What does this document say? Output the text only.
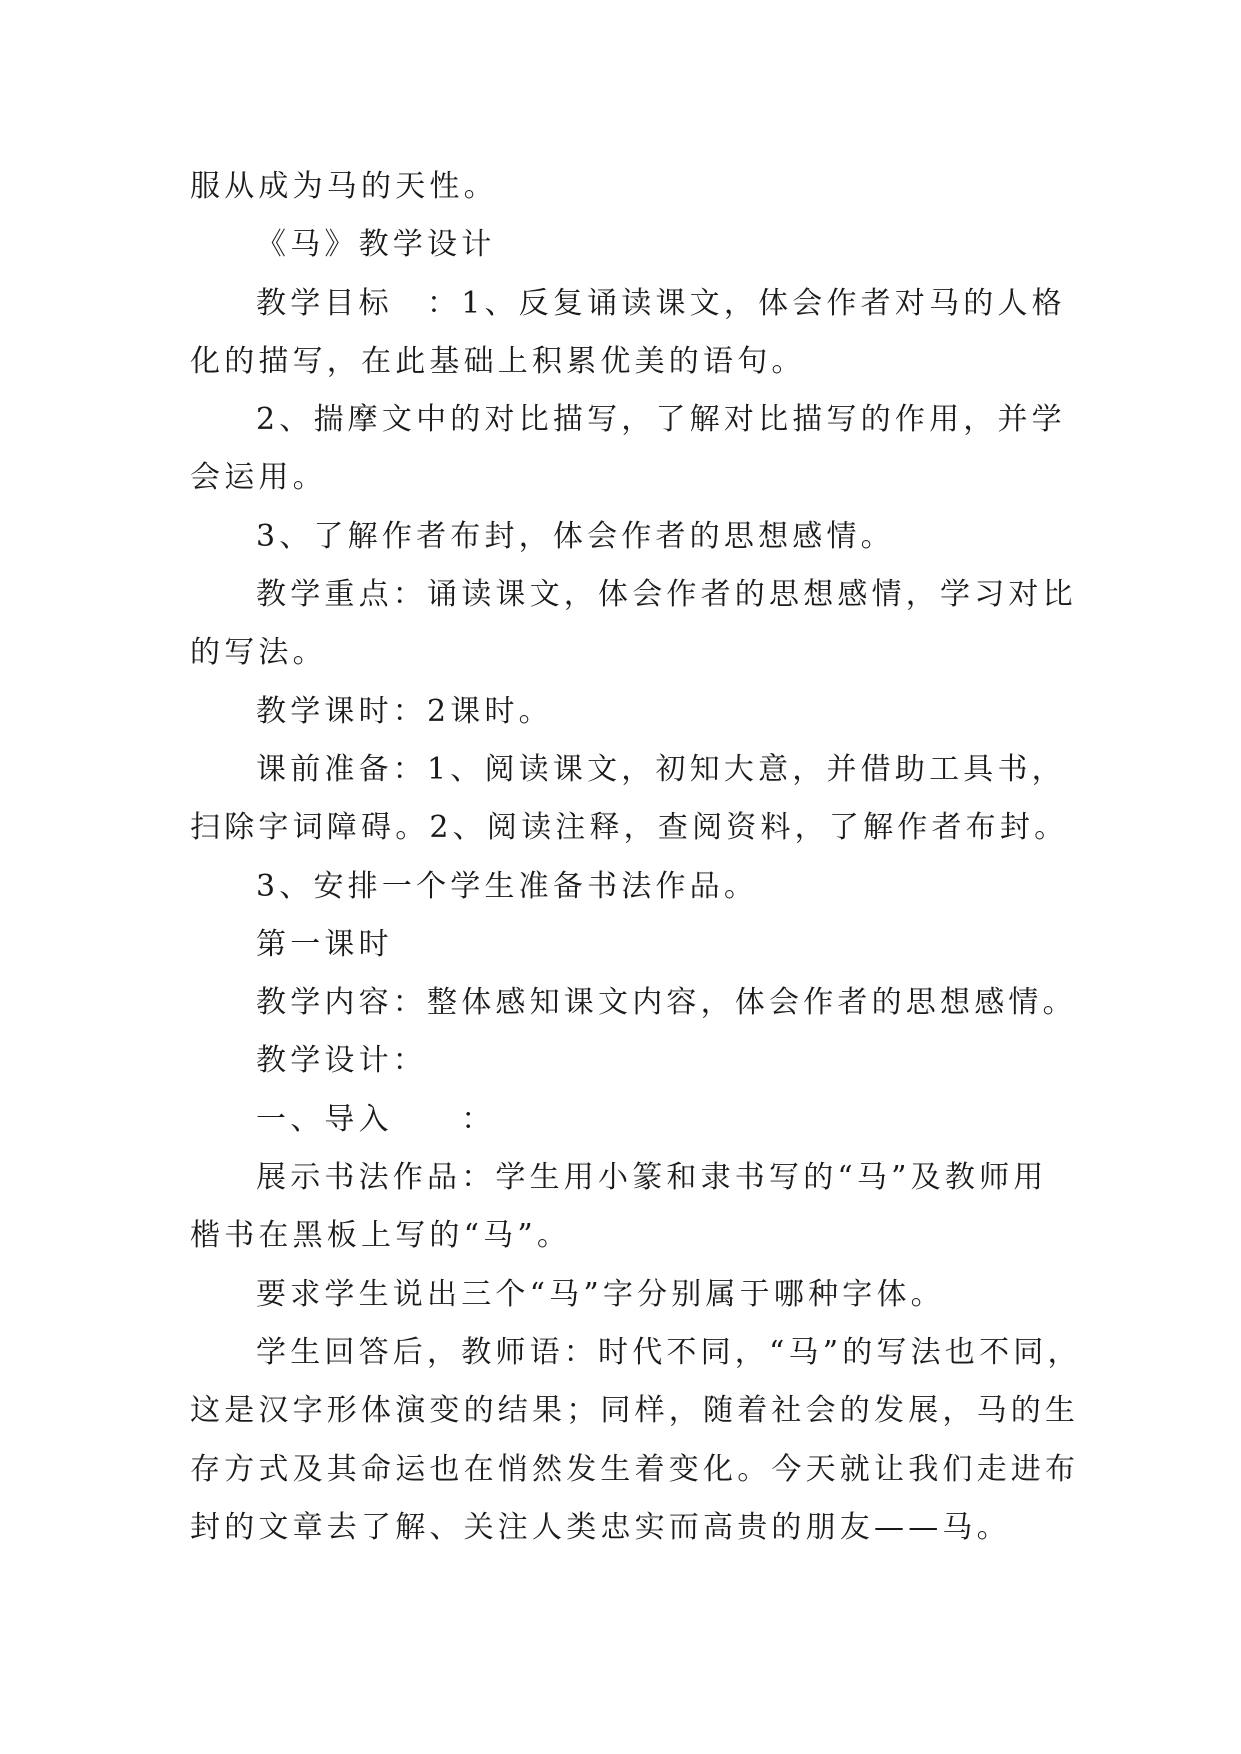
服从成为马的天性。
《马》教学设计
教学目标　：1、反复诵读课文，体会作者对马的人格
化的描写，在此基础上积累优美的语句。
2、揣摩文中的对比描写，了解对比描写的作用，并学
会运用。
3、了解作者布封，体会作者的思想感情。
教学重点：诵读课文，体会作者的思想感情，学习对比
的写法。
教学课时：2课时。
课前准备：1、阅读课文，初知大意，并借助工具书，
扫除字词障碍。2、阅读注释，查阅资料，了解作者布封。
3、安排一个学生准备书法作品。
第一课时
教学内容：整体感知课文内容，体会作者的思想感情。
教学设计：
一、导入　　：
展示书法作品：学生用小篆和隶书写的“马”及教师用
楷书在黑板上写的“马”。
要求学生说出三个“马”字分别属于哪种字体。
学生回答后，教师语：时代不同，“马”的写法也不同，
这是汉字形体演变的结果；同样，随着社会的发展，马的生
存方式及其命运也在悄然发生着变化。今天就让我们走进布
封的文章去了解、关注人类忠实而高贵的朋友——马。
